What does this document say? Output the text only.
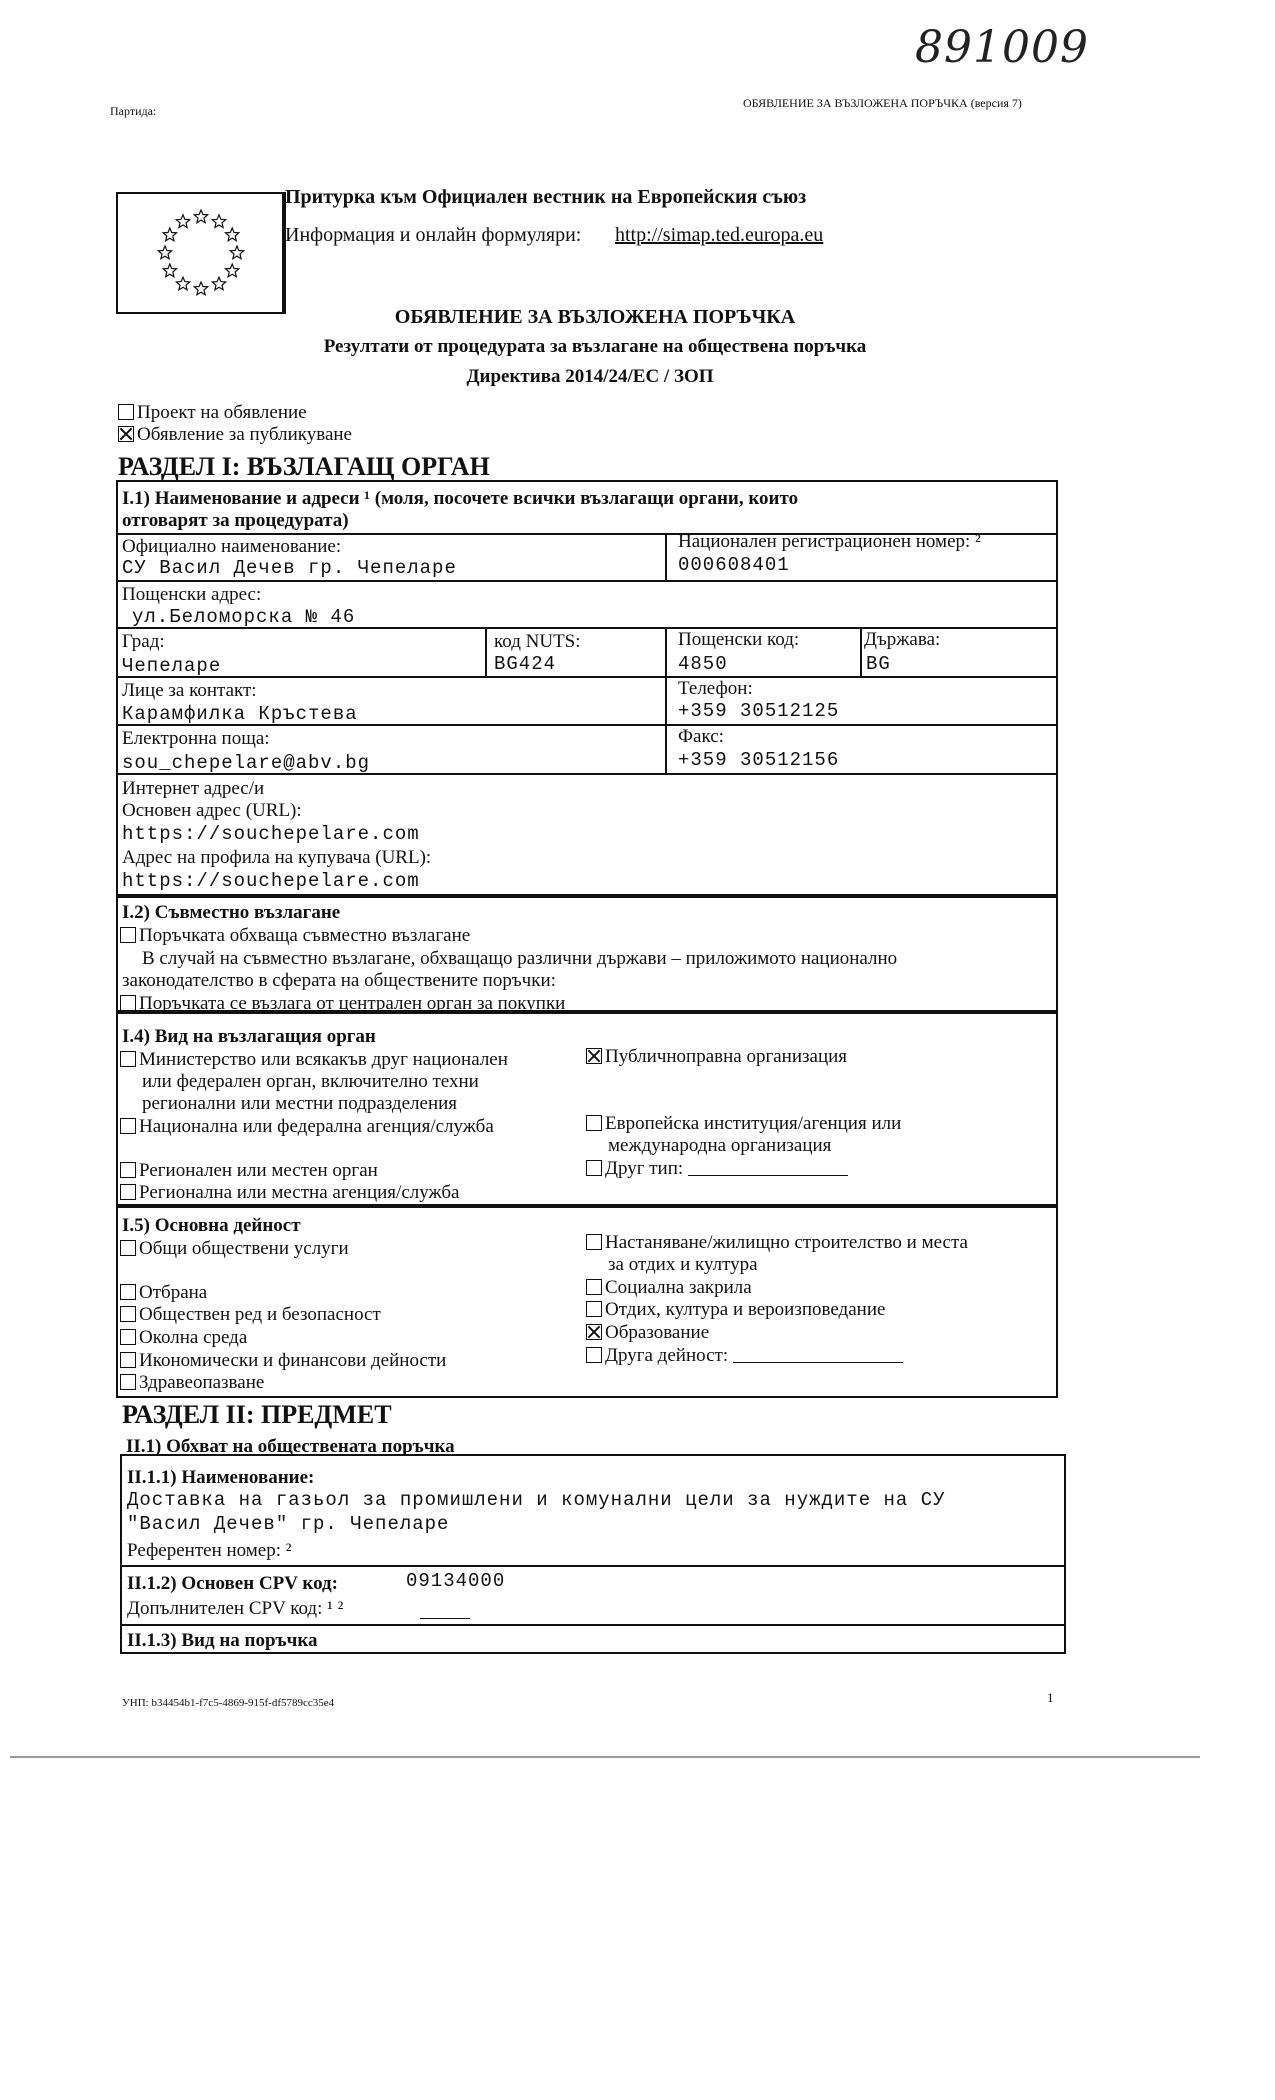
891009
Партида:
ОБЯВЛЕНИЕ ЗА ВЪЗЛОЖЕНА ПОРЪЧКА (версия 7)
Притурка към Официален вестник на Европейския съюз
Информация и онлайн формуляри: http://simap.ted.europa.eu
ОБЯВЛЕНИЕ ЗА ВЪЗЛОЖЕНА ПОРЪЧКА
Резултати от процедурата за възлагане на обществена поръчка
Директива 2014/24/ЕС / ЗОП
Проект на обявление
Обявление за публикуване
РАЗДЕЛ I: ВЪЗЛАГАЩ ОРГАН
I.1) Наименование и адреси ¹ (моля, посочете всички възлагащи органи, които
отговарят за процедурата)
Официално наименование:
СУ Васил Дечев гр. Чепеларе
Национален регистрационен номер: ²
000608401
Пощенски адрес:
ул.Беломорска № 46
Град:
Чепеларе
код NUTS:
BG424
Пощенски код:
4850
Държава:
BG
Лице за контакт:
Карамфилка Кръстева
Телефон:
+359 30512125
Електронна поща:
sou_chepelare@abv.bg
Факс:
+359 30512156
Интернет адрес/и
Основен адрес (URL):
https://souchepelare.com
Адрес на профила на купувача (URL):
https://souchepelare.com
I.2) Съвместно възлагане
Поръчката обхваща съвместно възлагане
В случай на съвместно възлагане, обхващащо различни държави – приложимото национално
законодателство в сферата на обществените поръчки:
Поръчката се възлага от централен орган за покупки
I.4) Вид на възлагащия орган
Министерство или всякакъв друг национален
или федерален орган, включително техни
регионални или местни подразделения
Национална или федерална агенция/служба
Регионален или местен орган
Регионална или местна агенция/служба
Публичноправна организация
Европейска институция/агенция или
международна организация
Друг тип:
I.5) Основна дейност
Общи обществени услуги
Отбрана
Обществен ред и безопасност
Околна среда
Икономически и финансови дейности
Здравеопазване
Настаняване/жилищно строителство и места
за отдих и култура
Социална закрила
Отдих, култура и вероизповедание
Образование
Друга дейност:
РАЗДЕЛ II: ПРЕДМЕТ
II.1) Обхват на обществената поръчка
II.1.1) Наименование:
Доставка на газьол за промишлени и комунални цели за нуждите на СУ
"Васил Дечев" гр. Чепеларе
Референтен номер: ²
II.1.2) Основен CPV код:	09134000
Допълнителен CPV код: ¹ ²
II.1.3) Вид на поръчка
УНП: b34454b1-f7c5-4869-915f-df5789cc35e4	1
